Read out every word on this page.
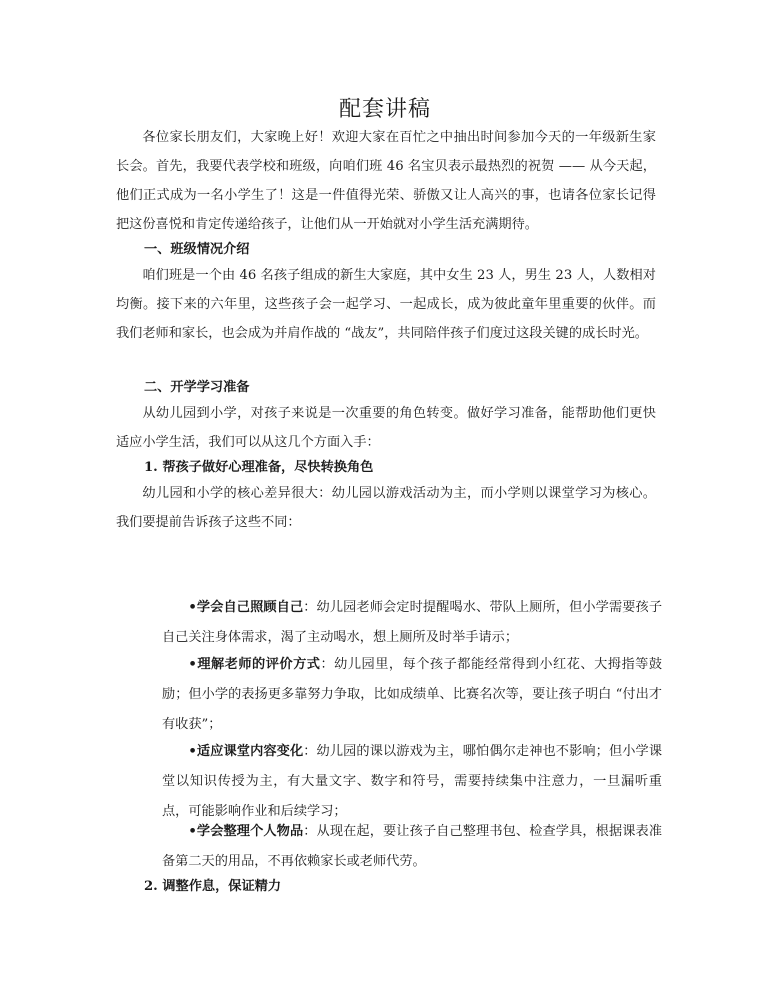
配套讲稿

各位家长朋友们，大家晚上好！欢迎大家在百忙之中抽出时间参加今天的一年级新生家长会。首先，我要代表学校和班级，向咱们班 46 名宝贝表示最热烈的祝贺 —— 从今天起，他们正式成为一名小学生了！这是一件值得光荣、骄傲又让人高兴的事，也请各位家长记得把这份喜悦和肯定传递给孩子，让他们从一开始就对小学生活充满期待。

一、班级情况介绍

咱们班是一个由 46 名孩子组成的新生大家庭，其中女生 23 人，男生 23 人，人数相对均衡。接下来的六年里，这些孩子会一起学习、一起成长，成为彼此童年里重要的伙伴。而我们老师和家长，也会成为并肩作战的 “战友”，共同陪伴孩子们度过这段关键的成长时光。

二、开学学习准备

从幼儿园到小学，对孩子来说是一次重要的角色转变。做好学习准备，能帮助他们更快适应小学生活，我们可以从这几个方面入手：

1. 帮孩子做好心理准备，尽快转换角色

幼儿园和小学的核心差异很大：幼儿园以游戏活动为主，而小学则以课堂学习为核心。我们要提前告诉孩子这些不同：

•学会自己照顾自己：幼儿园老师会定时提醒喝水、带队上厕所，但小学需要孩子自己关注身体需求，渴了主动喝水，想上厕所及时举手请示；

•理解老师的评价方式：幼儿园里，每个孩子都能经常得到小红花、大拇指等鼓励；但小学的表扬更多靠努力争取，比如成绩单、比赛名次等，要让孩子明白 “付出才有收获”；

•适应课堂内容变化：幼儿园的课以游戏为主，哪怕偶尔走神也不影响；但小学课堂以知识传授为主，有大量文字、数字和符号，需要持续集中注意力，一旦漏听重点，可能影响作业和后续学习；

•学会整理个人物品：从现在起，要让孩子自己整理书包、检查学具，根据课表准备第二天的用品，不再依赖家长或老师代劳。

2. 调整作息，保证精力
